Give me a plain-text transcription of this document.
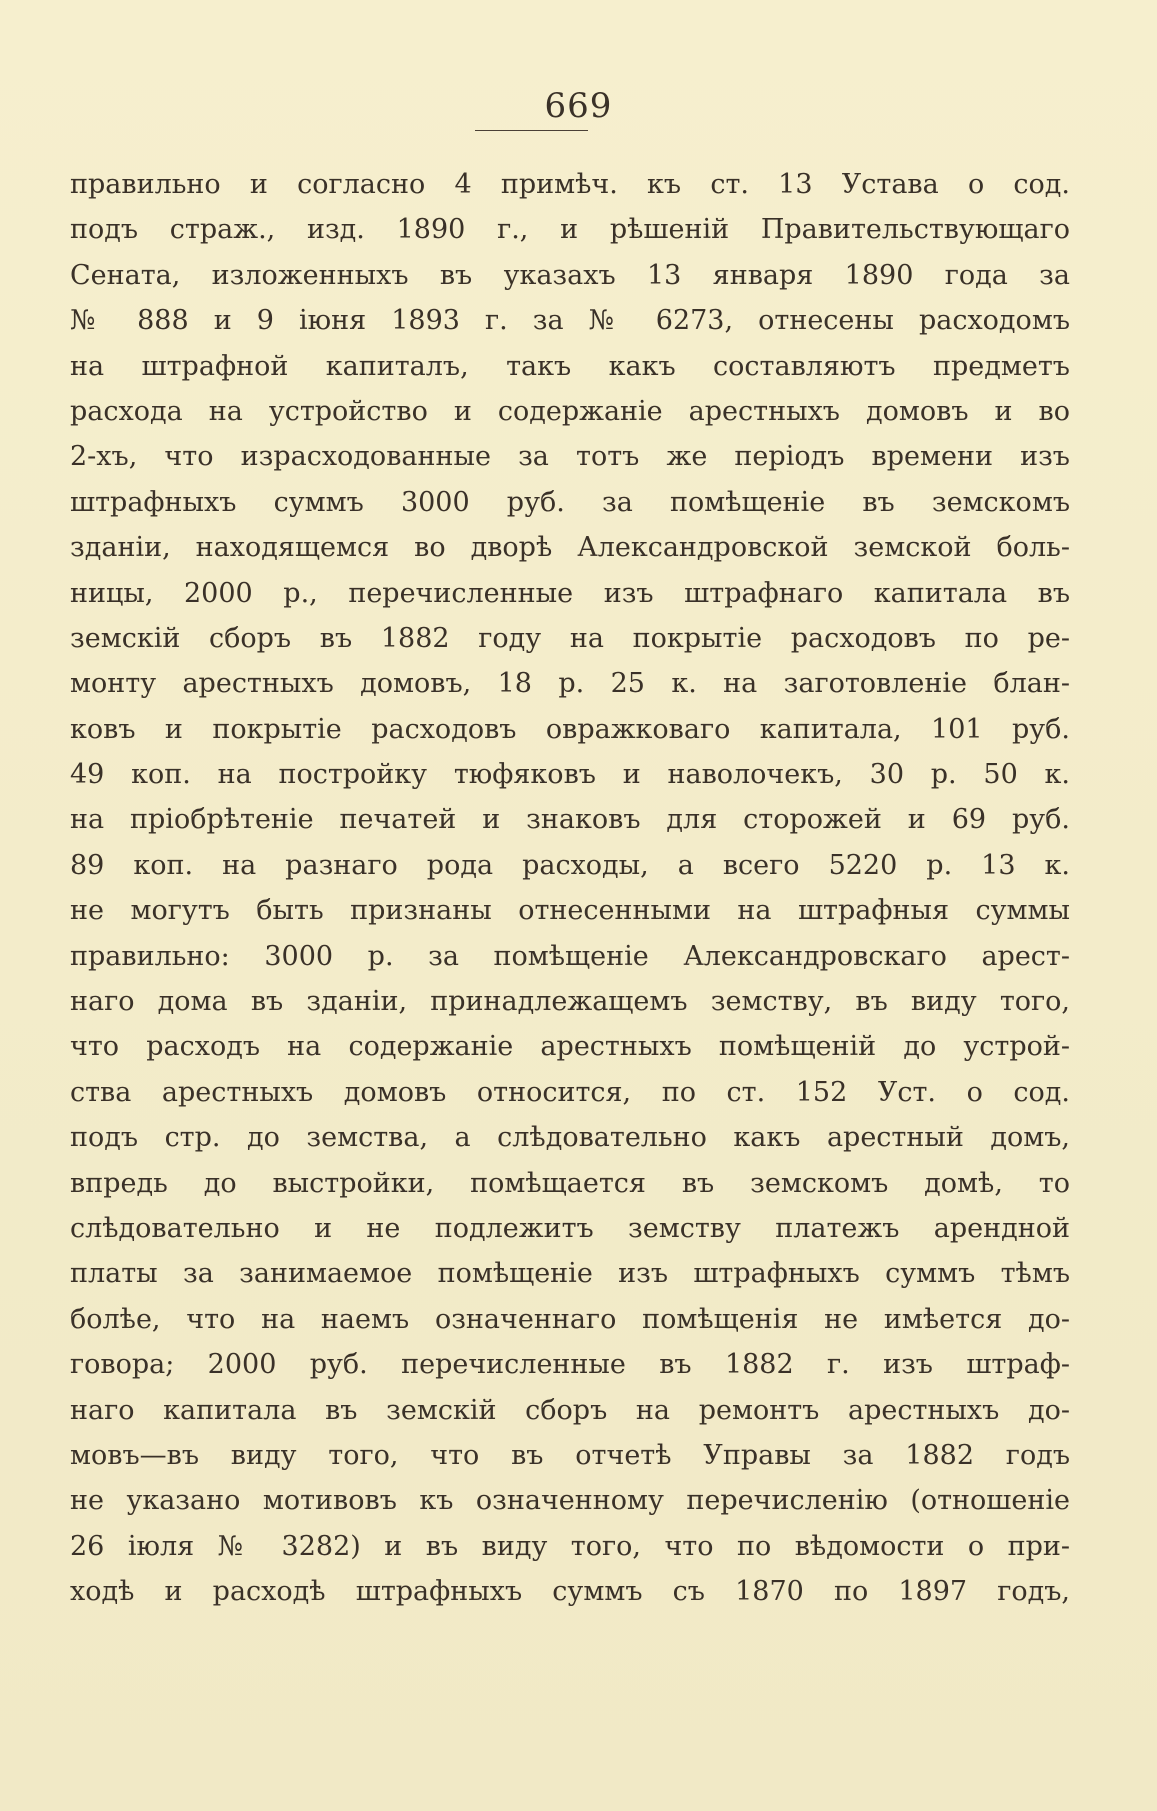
669
правильно и согласно 4 примѣч. къ ст. 13 Устава о сод.
подъ страж., изд. 1890 г., и рѣшеній Правительствующаго
Сената, изложенныхъ въ указахъ 13 января 1890 года за
№ 888 и 9 іюня 1893 г. за № 6273, отнесены расходомъ
на штрафной капиталъ, такъ какъ составляютъ предметъ
расхода на устройство и содержаніе арестныхъ домовъ и во
2-хъ, что израсходованные за тотъ же періодъ времени изъ
штрафныхъ суммъ 3000 руб. за помѣщеніе въ земскомъ
зданіи, находящемся во дворѣ Александровской земской боль-
ницы, 2000 р., перечисленные изъ штрафнаго капитала въ
земскій сборъ въ 1882 году на покрытіе расходовъ по ре-
монту арестныхъ домовъ, 18 р. 25 к. на заготовленіе блан-
ковъ и покрытіе расходовъ овражковаго капитала, 101 руб.
49 коп. на постройку тюфяковъ и наволочекъ, 30 р. 50 к.
на пріобрѣтеніе печатей и знаковъ для сторожей и 69 руб.
89 коп. на разнаго рода расходы, а всего 5220 р. 13 к.
не могутъ быть признаны отнесенными на штрафныя суммы
правильно: 3000 р. за помѣщеніе Александровскаго арест-
наго дома въ зданіи, принадлежащемъ земству, въ виду того,
что расходъ на содержаніе арестныхъ помѣщеній до устрой-
ства арестныхъ домовъ относится, по ст. 152 Уст. о сод.
подъ стр. до земства, а слѣдовательно какъ арестный домъ,
впредь до выстройки, помѣщается въ земскомъ домѣ, то
слѣдовательно и не подлежитъ земству платежъ арендной
платы за занимаемое помѣщеніе изъ штрафныхъ суммъ тѣмъ
болѣе, что на наемъ означеннаго помѣщенія не имѣется до-
говора; 2000 руб. перечисленные въ 1882 г. изъ штраф-
наго капитала въ земскій сборъ на ремонтъ арестныхъ до-
мовъ—въ виду того, что въ отчетѣ Управы за 1882 годъ
не указано мотивовъ къ означенному перечисленію (отношеніе
26 іюля № 3282) и въ виду того, что по вѣдомости о при-
ходѣ и расходѣ штрафныхъ суммъ съ 1870 по 1897 годъ,
